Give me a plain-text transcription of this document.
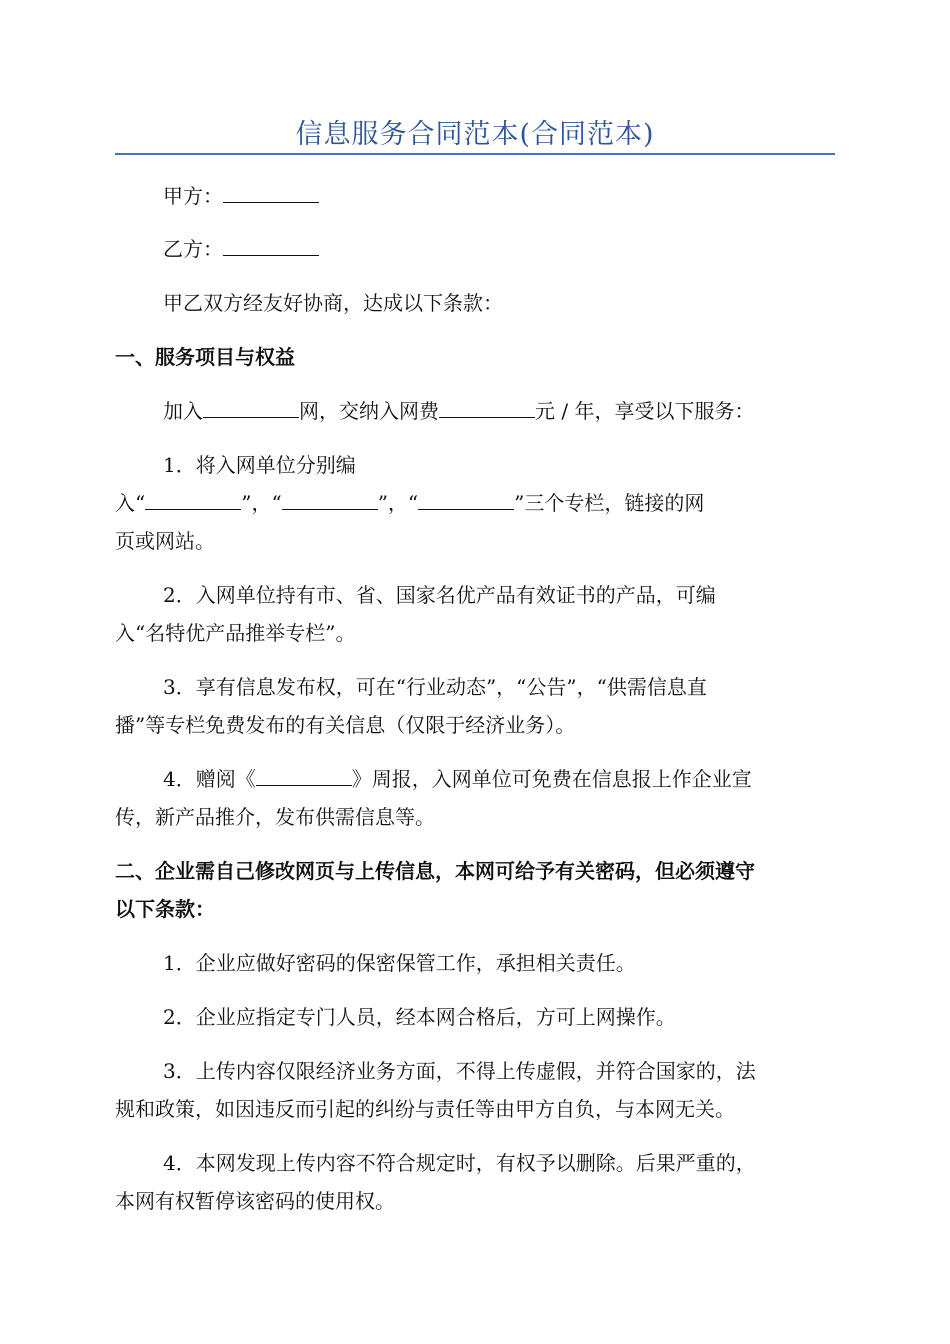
信息服务合同范本(合同范本)

甲方：

乙方：

甲乙双方经友好协商，达成以下条款：

一、服务项目与权益

加入	网，交纳入网费	元 / 年，享受以下服务：

1．将入网单位分别编

入“	”，“	”，“	”三个专栏，链接的网

页或网站。

2．入网单位持有市、省、国家名优产品有效证书的产品，可编

入“名特优产品推举专栏”。

3．享有信息发布权，可在“行业动态”，“公告”，“供需信息直

播”等专栏免费发布的有关信息（仅限于经济业务）。

4．赠阅《	》周报，入网单位可免费在信息报上作企业宣

传，新产品推介，发布供需信息等。

二、企业需自己修改网页与上传信息，本网可给予有关密码，但必须遵守

以下条款：

1．企业应做好密码的保密保管工作，承担相关责任。

2．企业应指定专门人员，经本网合格后，方可上网操作。

3．上传内容仅限经济业务方面，不得上传虚假，并符合国家的，法

规和政策，如因违反而引起的纠纷与责任等由甲方自负，与本网无关。

4．本网发现上传内容不符合规定时，有权予以删除。后果严重的，

本网有权暂停该密码的使用权。
